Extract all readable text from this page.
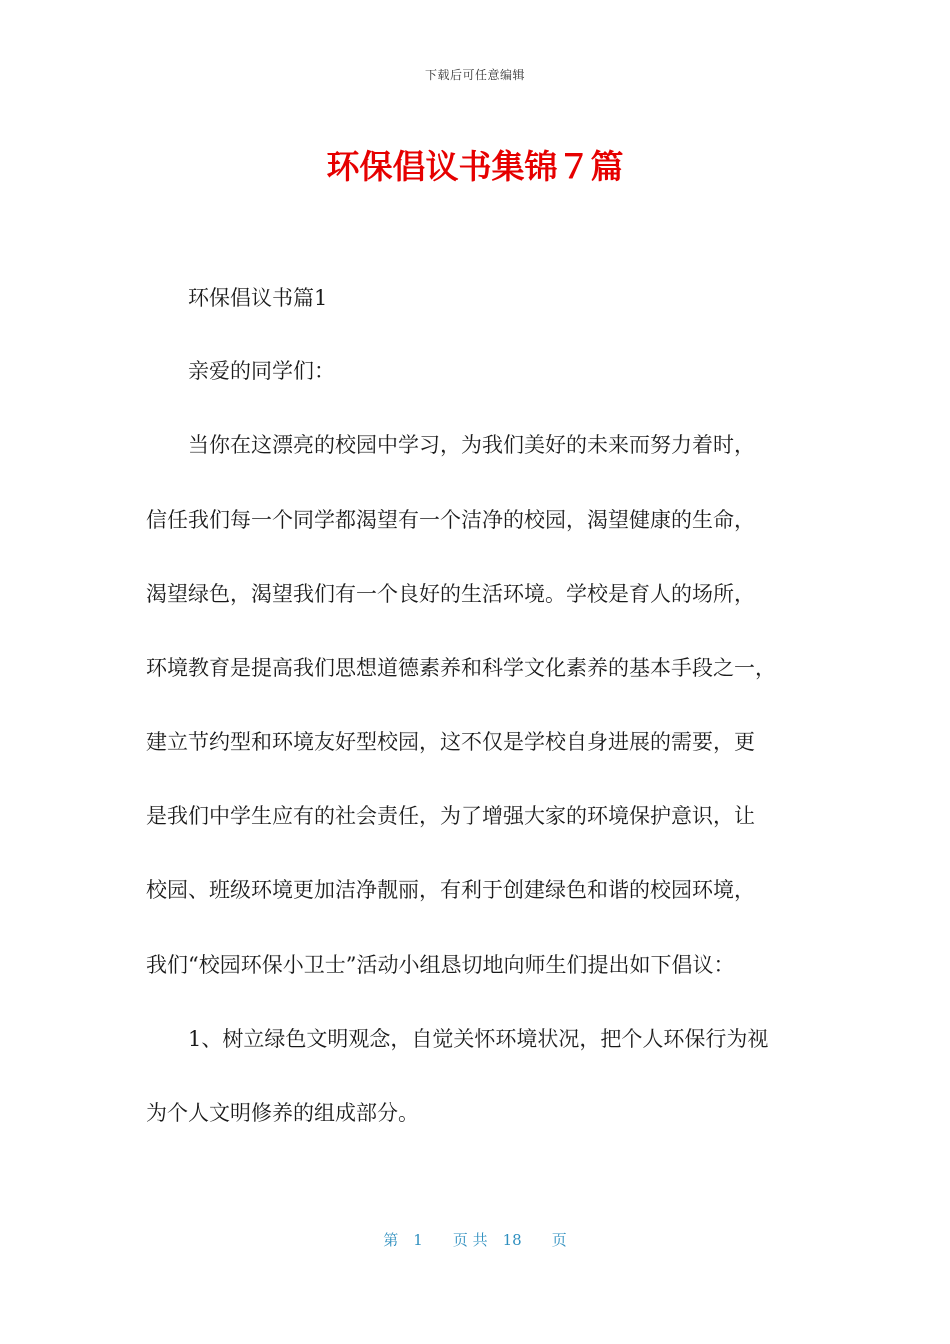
下载后可任意编辑
环保倡议书集锦７篇
　　环保倡议书篇1
　　亲爱的同学们：
　　当你在这漂亮的校园中学习，为我们美好的未来而努力着时，
信任我们每一个同学都渴望有一个洁净的校园，渴望健康的生命，
渴望绿色，渴望我们有一个良好的生活环境。学校是育人的场所，
环境教育是提高我们思想道德素养和科学文化素养的基本手段之一，
建立节约型和环境友好型校园，这不仅是学校自身进展的需要，更
是我们中学生应有的社会责任，为了增强大家的环境保护意识，让
校园、班级环境更加洁净靓丽，有利于创建绿色和谐的校园环境，
我们“校园环保小卫士”活动小组恳切地向师生们提出如下倡议：
　　1、树立绿色文明观念，自觉关怀环境状况，把个人环保行为视
为个人文明修养的组成部分。
第　1　　页 共　18　　页
